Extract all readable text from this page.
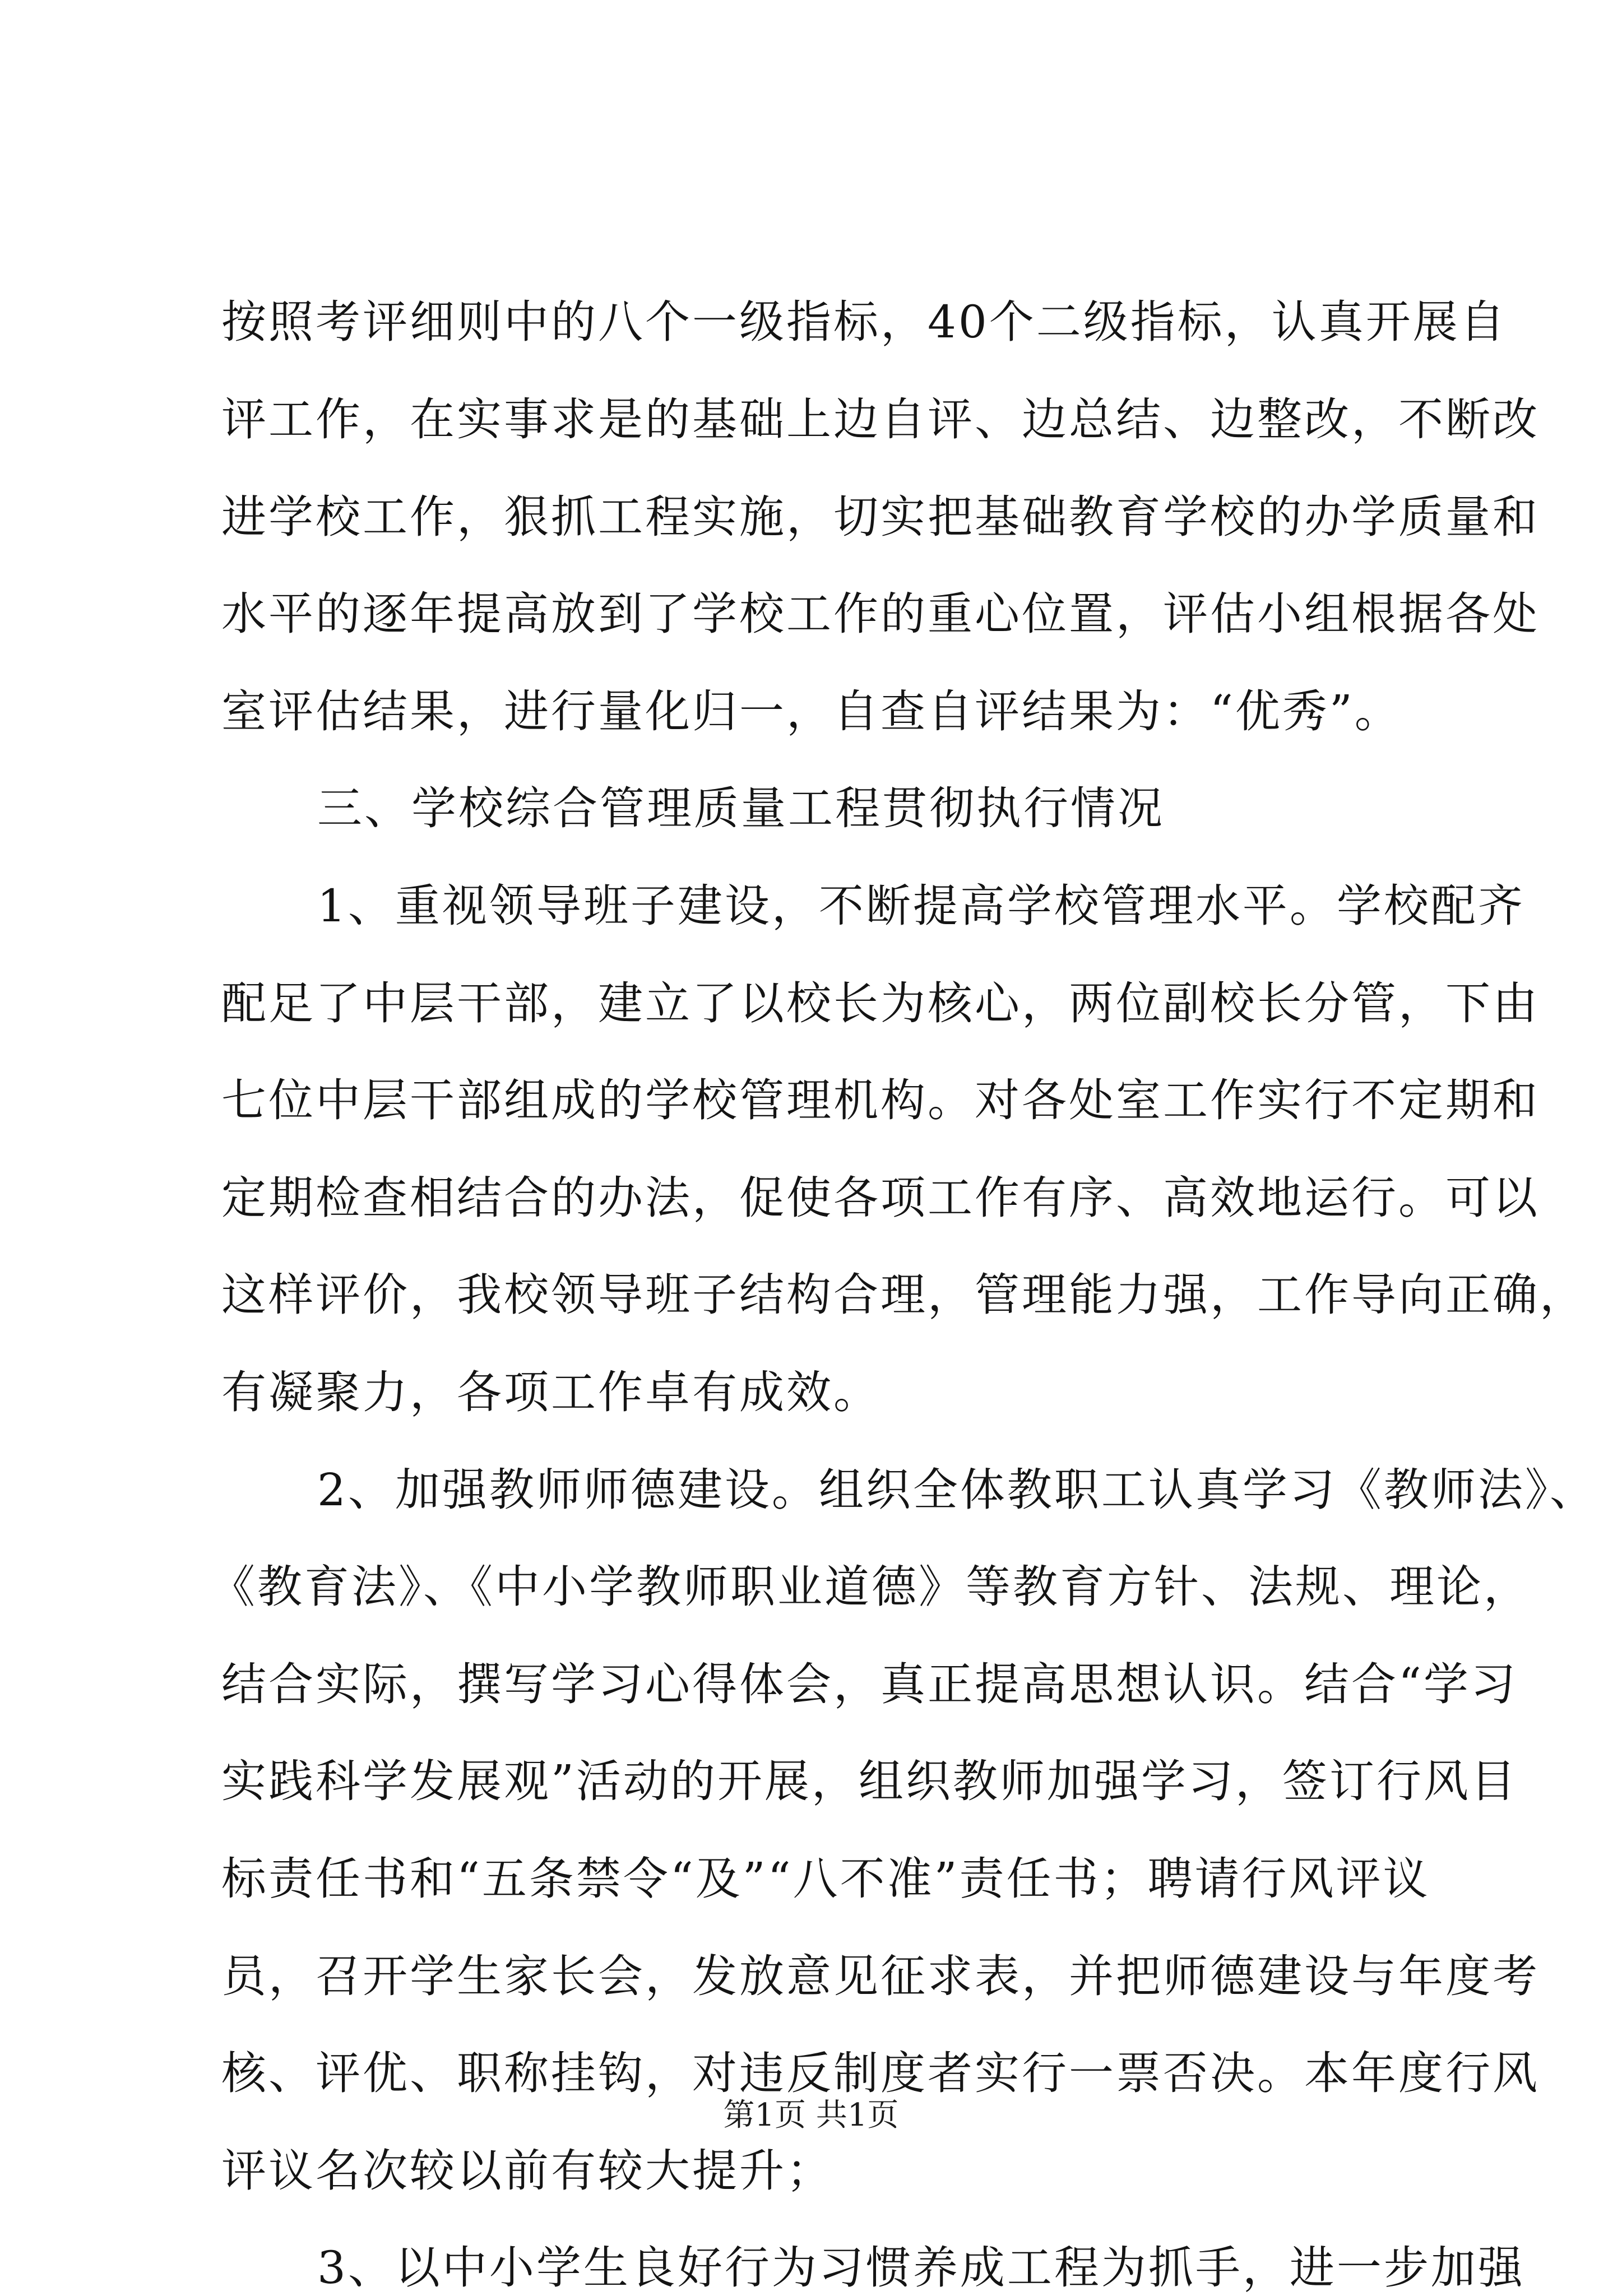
按照考评细则中的八个一级指标，40个二级指标，认真开展自

评工作，在实事求是的基础上边自评、边总结、边整改，不断改

进学校工作，狠抓工程实施，切实把基础教育学校的办学质量和

水平的逐年提高放到了学校工作的重心位置，评估小组根据各处

室评估结果，进行量化归一，自查自评结果为：“优秀”。

三、学校综合管理质量工程贯彻执行情况

1、重视领导班子建设，不断提高学校管理水平。学校配齐

配足了中层干部，建立了以校长为核心，两位副校长分管，下由

七位中层干部组成的学校管理机构。对各处室工作实行不定期和

定期检查相结合的办法，促使各项工作有序、高效地运行。可以

这样评价，我校领导班子结构合理，管理能力强，工作导向正确，

有凝聚力，各项工作卓有成效。

2、加强教师师德建设。组织全体教职工认真学习《教师法》、

《教育法》、《中小学教师职业道德》等教育方针、法规、理论，

结合实际，撰写学习心得体会，真正提高思想认识。结合“学习

实践科学发展观”活动的开展，组织教师加强学习，签订行风目

标责任书和“五条禁令“及”“八不准”责任书；聘请行风评议

员，召开学生家长会，发放意见征求表，并把师德建设与年度考

核、评优、职称挂钩，对违反制度者实行一票否决。本年度行风

评议名次较以前有较大提升；

3、以中小学生良好行为习惯养成工程为抓手，进一步加强

第1页 共1页
